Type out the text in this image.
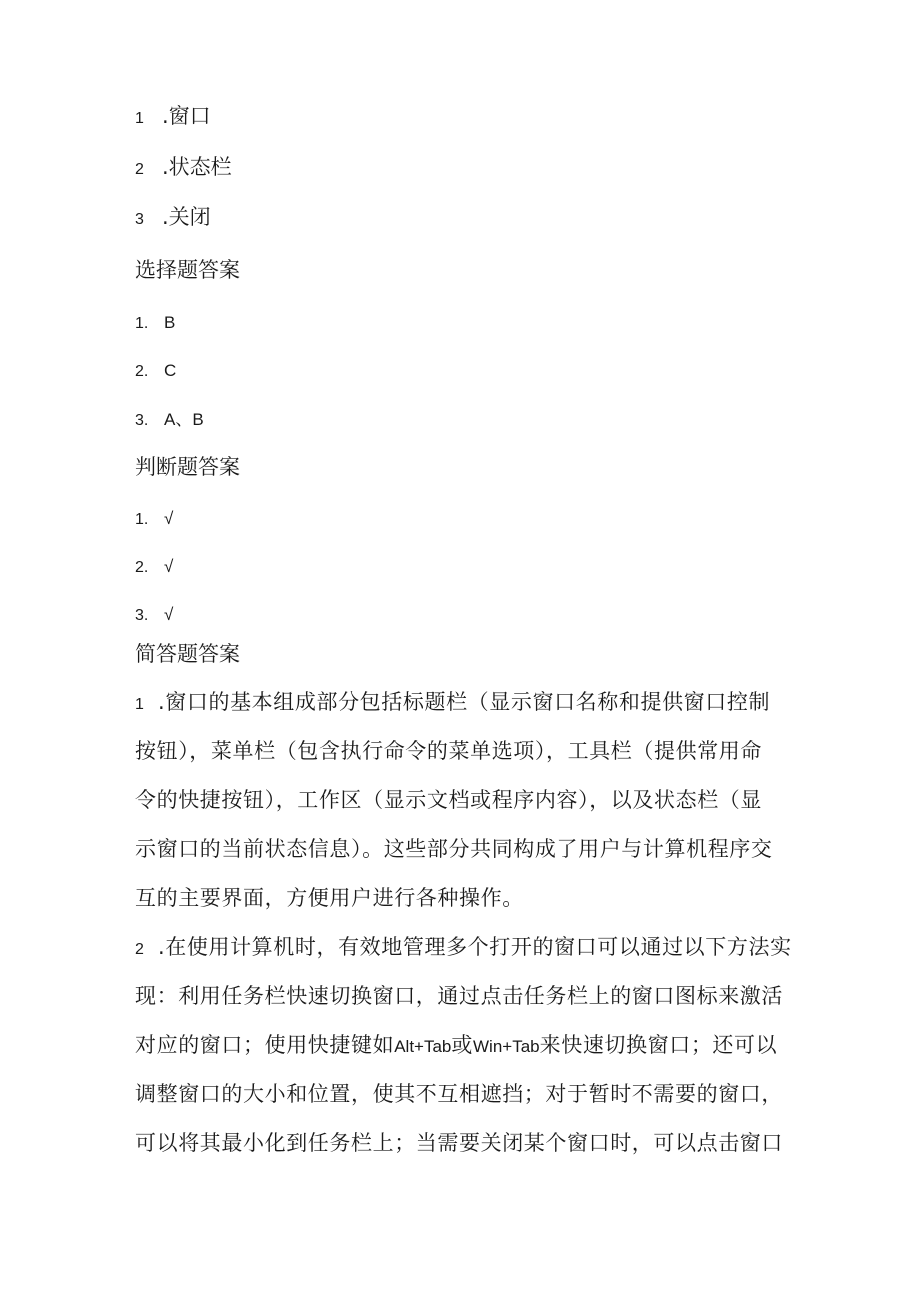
1 .窗口
2 .状态栏
3 .关闭
选择题答案
1. B
2. C
3. A、B
判断题答案
1. √
2. √
3. √
简答题答案
1 .窗口的基本组成部分包括标题栏（显示窗口名称和提供窗口控制
按钮），菜单栏（包含执行命令的菜单选项），工具栏（提供常用命
令的快捷按钮），工作区（显示文档或程序内容），以及状态栏（显
示窗口的当前状态信息）。这些部分共同构成了用户与计算机程序交
互的主要界面，方便用户进行各种操作。
2 .在使用计算机时，有效地管理多个打开的窗口可以通过以下方法实
现：利用任务栏快速切换窗口，通过点击任务栏上的窗口图标来激活
对应的窗口；使用快捷键如Alt+Tab或Win+Tab来快速切换窗口；还可以
调整窗口的大小和位置，使其不互相遮挡；对于暂时不需要的窗口，
可以将其最小化到任务栏上；当需要关闭某个窗口时，可以点击窗口
